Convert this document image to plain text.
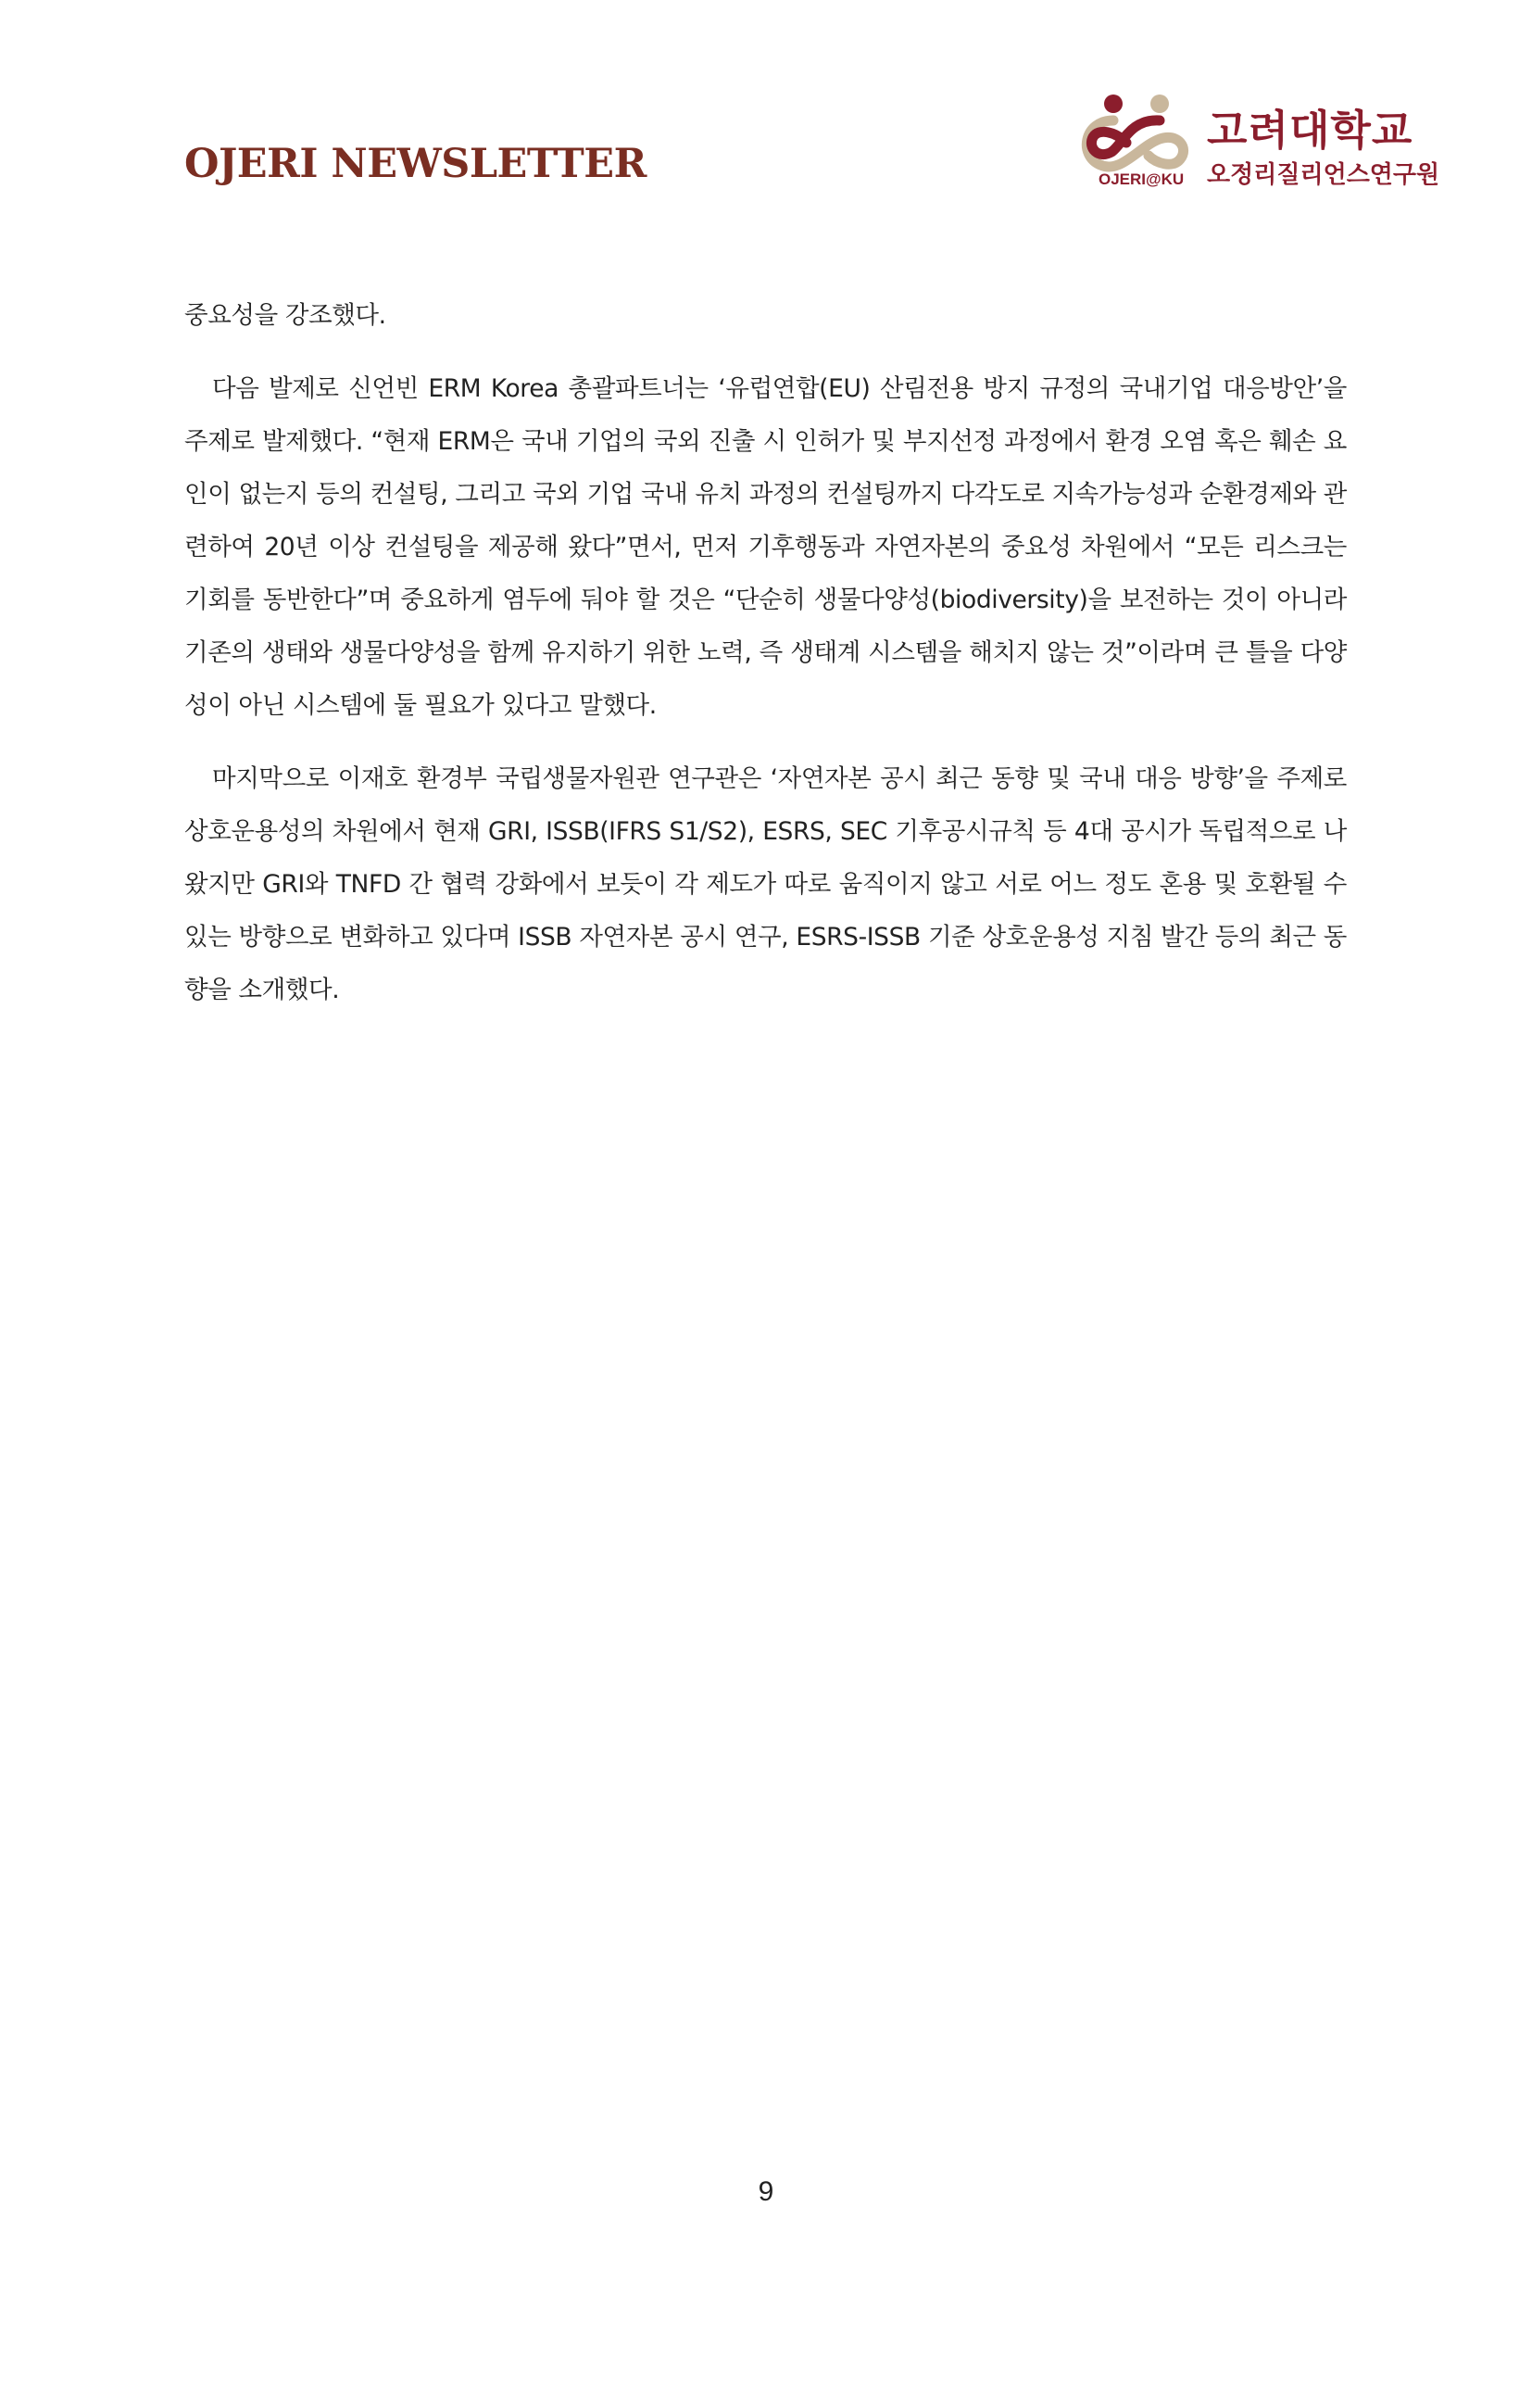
OJERI NEWSLETTER	OJERI@KU
고려대학교
오정리질리언스연구원

중요성을 강조했다.

다음 발제로 신언빈 ERM Korea 총괄파트너는 ‘유럽연합(EU) 산림전용 방지 규정의 국내기업 대응방안’을 주제로 발제했다. “현재 ERM은 국내 기업의 국외 진출 시 인허가 및 부지선정 과정에서 환경 오염 혹은 훼손 요인이 없는지 등의 컨설팅, 그리고 국외 기업 국내 유치 과정의 컨설팅까지 다각도로 지속가능성과 순환경제와 관련하여 20년 이상 컨설팅을 제공해 왔다”면서, 먼저 기후행동과 자연자본의 중요성 차원에서 “모든 리스크는 기회를 동반한다”며 중요하게 염두에 둬야 할 것은 “단순히 생물다양성(biodiversity)을 보전하는 것이 아니라 기존의 생태와 생물다양성을 함께 유지하기 위한 노력, 즉 생태계 시스템을 해치지 않는 것”이라며 큰 틀을 다양성이 아닌 시스템에 둘 필요가 있다고 말했다.

마지막으로 이재호 환경부 국립생물자원관 연구관은 ‘자연자본 공시 최근 동향 및 국내 대응 방향’을 주제로 상호운용성의 차원에서 현재 GRI, ISSB(IFRS S1/S2), ESRS, SEC 기후공시규칙 등 4대 공시가 독립적으로 나왔지만 GRI와 TNFD 간 협력 강화에서 보듯이 각 제도가 따로 움직이지 않고 서로 어느 정도 혼용 및 호환될 수 있는 방향으로 변화하고 있다며 ISSB 자연자본 공시 연구, ESRS-ISSB 기준 상호운용성 지침 발간 등의 최근 동향을 소개했다.

9
